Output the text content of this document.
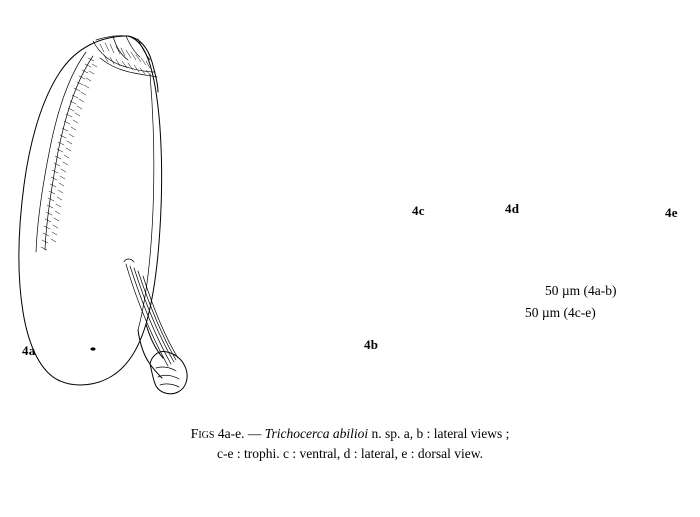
4a	4b
4c	4d	4e
50 µm (4a-b)
50 µm (4c-e)
Figs 4a-e. — Trichocerca abilioi n. sp. a, b : lateral views ;
c-e : trophi. c : ventral, d : lateral, e : dorsal view.
